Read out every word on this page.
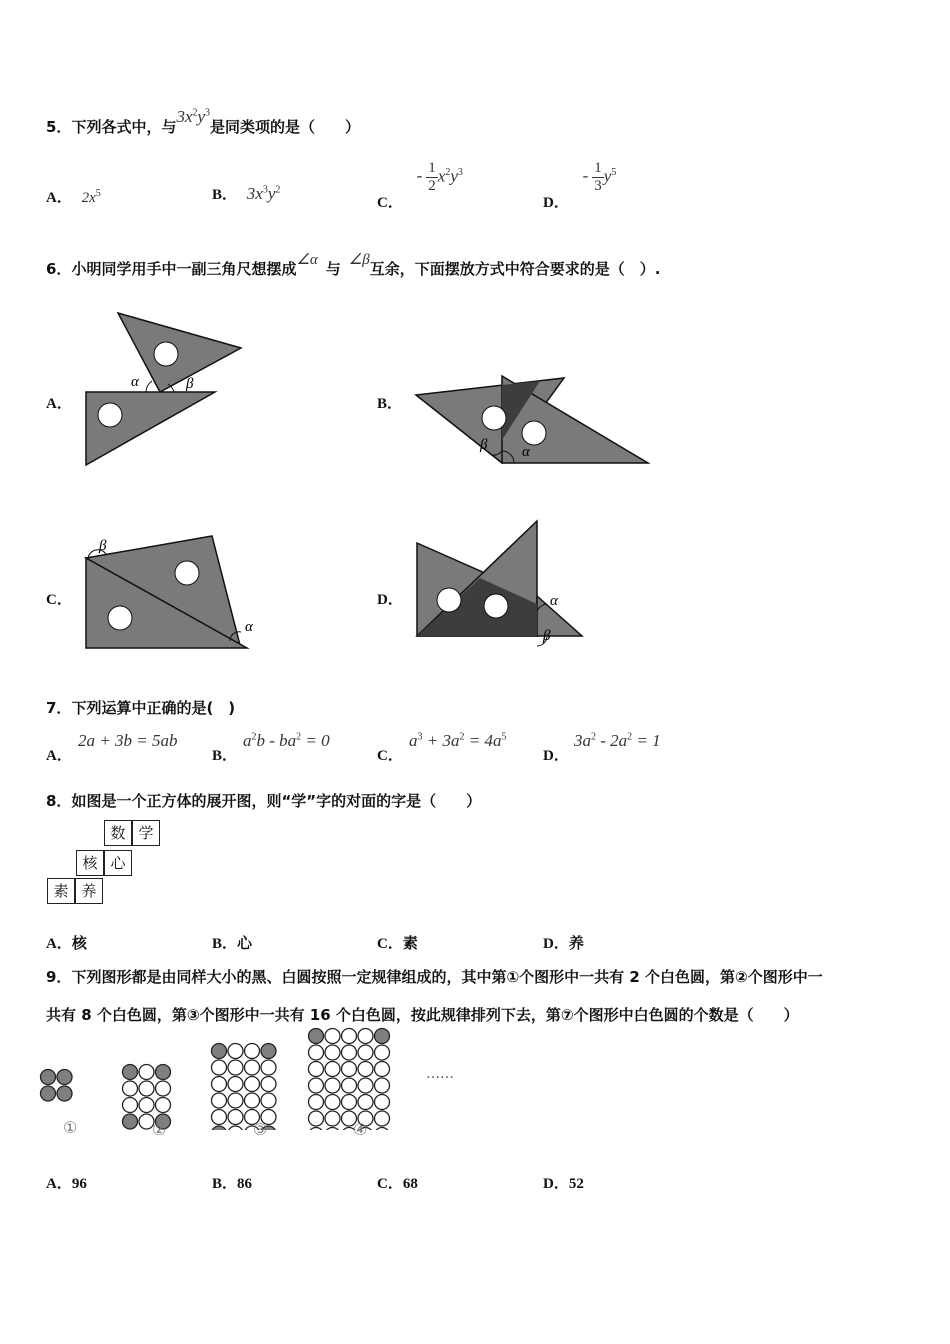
5．下列各式中，与$3x^2y^3$是同类项的是（　　）
A． $2x^5$	B． $3x^3y^2$
C． - $\frac{1}{2} x^2y^3$
D． - $\frac{1}{3} y^5$
6．小明同学用手中一副三角尺想摆成∠α 与 ∠β互余，下面摆放方式中符合要求的是（　）.
A．	B．
C．	D．
α	β
β α
β
α
α
β
7．下列运算中正确的是(　)
A．
2a + 3b = 5ab
B．
$a^2b - ba^2 = 0$
C．
$a^3 + 3a^2 = 4a^5$
D．
$3a^2 - 2a^2 = 1$
8．如图是一个正方体的展开图，则“学”字的对面的字是（　　）
数 学
核 心
素 养
A．核	B．心	C．素	D．养
9．下列图形都是由同样大小的黑、白圆按照一定规律组成的，其中第①个图形中一共有 2 个白色圆，第②个图形中一
共有 8 个白色圆，第③个图形中一共有 16 个白色圆，按此规律排列下去，第⑦个图形中白色圆的个数是（　　）
①	②	③	④
……
A．96	B．86	C．68	D．52
